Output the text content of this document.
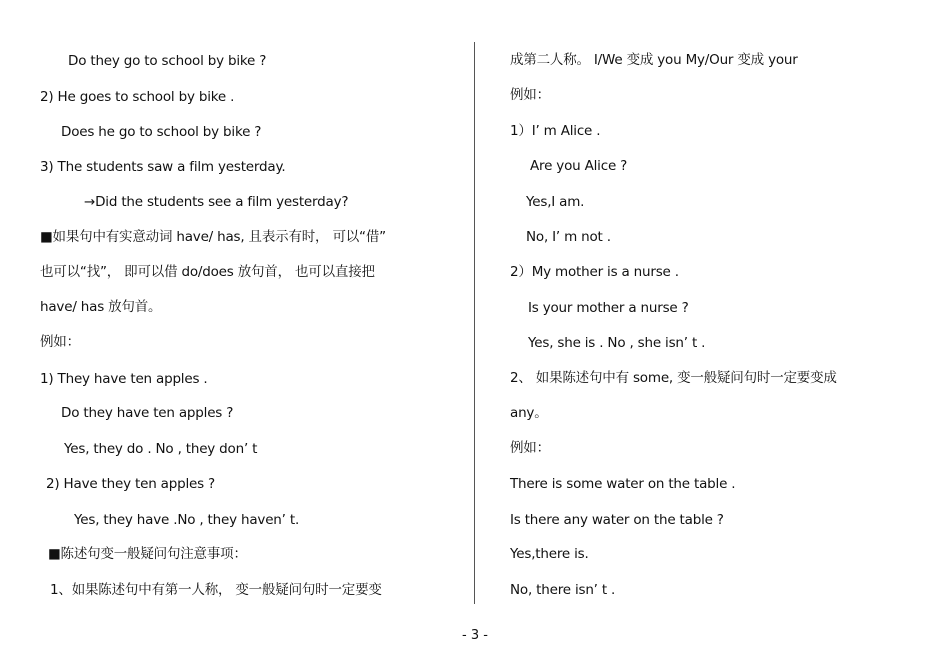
Do they go to school by bike ?
2) He goes to school by bike .
Does he go to school by bike ?
3) The students saw a film yesterday.
→Did the students see a film yesterday?
■如果句中有实意动词 have/ has, 且表示有时， 可以“借”
也可以“找”， 即可以借 do/does 放句首， 也可以直接把
have/ has 放句首。
例如：
1) They have ten apples .
Do they have ten apples ?
Yes, they do . No , they don’ t
2) Have they ten apples ?
Yes, they have .No , they haven’ t.
■陈述句变一般疑问句注意事项：
1、如果陈述句中有第一人称， 变一般疑问句时一定要变
成第二人称。 I/We 变成 you My/Our 变成 your
例如：
1）I’ m Alice .
Are you Alice ?
Yes,I am.
No, I’ m not .
2）My mother is a nurse .
Is your mother a nurse ?
Yes, she is . No , she isn’ t .
2、 如果陈述句中有 some, 变一般疑问句时一定要变成
any。
例如：
There is some water on the table .
Is there any water on the table ?
Yes,there is.
No, there isn’ t .
- 3 -
